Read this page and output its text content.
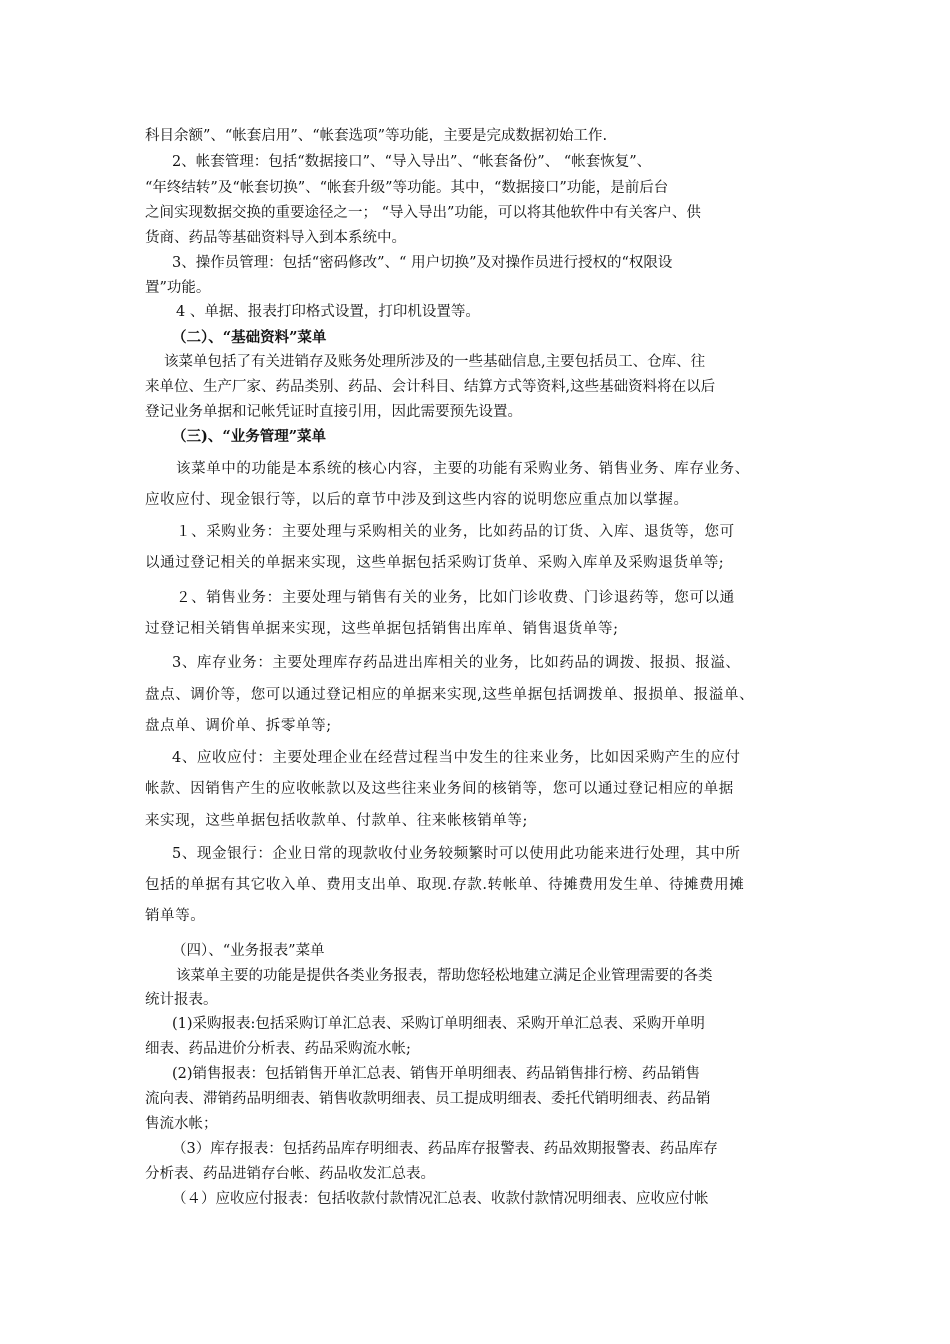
科目余额”、“帐套启用”、“帐套选项”等功能，主要是完成数据初始工作.
2、帐套管理：包括“数据接口”、“导入导出”、“帐套备份”、 “帐套恢复”、
“年终结转”及“帐套切换”、“帐套升级”等功能。其中，“数据接口”功能，是前后台
之间实现数据交换的重要途径之一； “导入导出”功能，可以将其他软件中有关客户、供
货商、药品等基础资料导入到本系统中。
3、操作员管理：包括“密码修改”、“ 用户切换”及对操作员进行授权的“权限设
置”功能。
4 、单据、报表打印格式设置，打印机设置等。
（二）、“基础资料”菜单
该菜单包括了有关进销存及账务处理所涉及的一些基础信息,主要包括员工、仓库、往
来单位、生产厂家、药品类别、药品、会计科目、结算方式等资料,这些基础资料将在以后
登记业务单据和记帐凭证时直接引用，因此需要预先设置。
（三)、“业务管理”菜单
该菜单中的功能是本系统的核心内容，主要的功能有采购业务、销售业务、库存业务、
应收应付、现金银行等，以后的章节中涉及到这些内容的说明您应重点加以掌握。
１、采购业务：主要处理与采购相关的业务，比如药品的订货、入库、退货等，您可
以通过登记相关的单据来实现，这些单据包括采购订货单、采购入库单及采购退货单等;
２、销售业务：主要处理与销售有关的业务，比如门诊收费、门诊退药等，您可以通
过登记相关销售单据来实现，这些单据包括销售出库单、销售退货单等;
3、库存业务：主要处理库存药品进出库相关的业务，比如药品的调拨、报损、报溢、
盘点、调价等，您可以通过登记相应的单据来实现,这些单据包括调拨单、报损单、报溢单、
盘点单、调价单、拆零单等;
4、应收应付：主要处理企业在经营过程当中发生的往来业务，比如因采购产生的应付
帐款、因销售产生的应收帐款以及这些往来业务间的核销等，您可以通过登记相应的单据
来实现，这些单据包括收款单、付款单、往来帐核销单等;
5、现金银行：企业日常的现款收付业务较频繁时可以使用此功能来进行处理，其中所
包括的单据有其它收入单、费用支出单、取现.存款.转帐单、待摊费用发生单、待摊费用摊
销单等。
（四）、“业务报表”菜单
该菜单主要的功能是提供各类业务报表，帮助您轻松地建立满足企业管理需要的各类
统计报表。
(1)采购报表:包括采购订单汇总表、采购订单明细表、采购开单汇总表、采购开单明
细表、药品进价分析表、药品采购流水帐;
(2)销售报表：包括销售开单汇总表、销售开单明细表、药品销售排行榜、药品销售
流向表、滞销药品明细表、销售收款明细表、员工提成明细表、委托代销明细表、药品销
售流水帐；
（3）库存报表：包括药品库存明细表、药品库存报警表、药品效期报警表、药品库存
分析表、药品进销存台帐、药品收发汇总表。
（４）应收应付报表：包括收款付款情况汇总表、收款付款情况明细表、应收应付帐
